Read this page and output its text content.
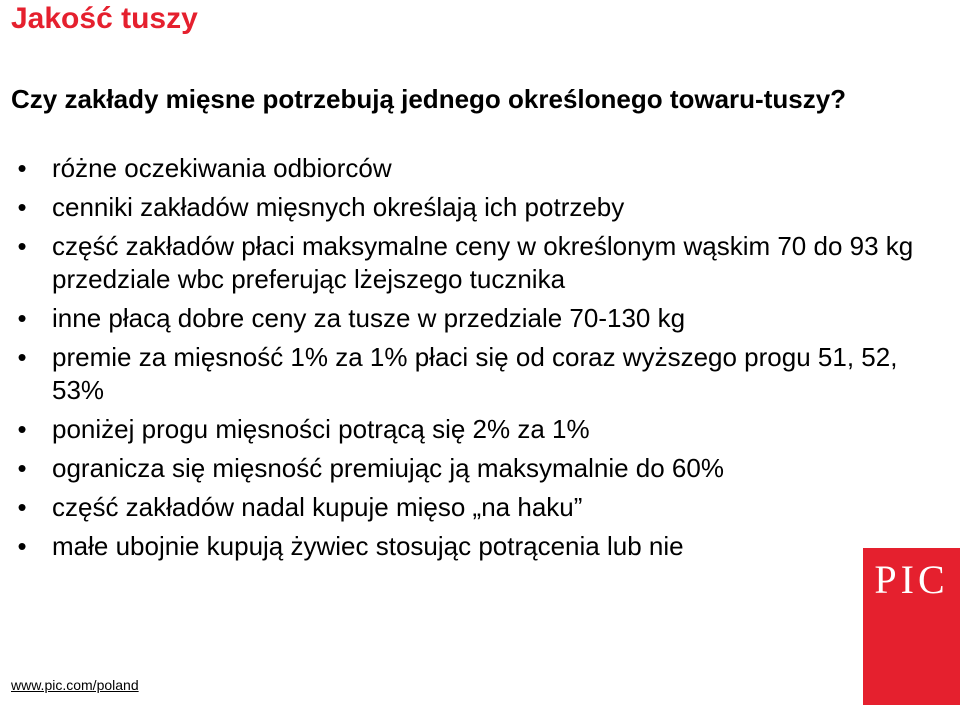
Jakość tuszy
Czy zakłady mięsne potrzebują jednego określonego towaru-tuszy?
• różne oczekiwania odbiorców
• cenniki zakładów mięsnych określają ich potrzeby
• część zakładów płaci maksymalne ceny w określonym wąskim 70 do 93 kg przedziale wbc preferując lżejszego tucznika
• inne płacą dobre ceny za tusze w przedziale 70-130 kg
• premie za mięsność 1% za 1% płaci się od coraz wyższego progu 51, 52, 53%
• poniżej progu mięsności potrącą się 2% za 1%
• ogranicza się mięsność premiując ją maksymalnie do 60%
• część zakładów nadal kupuje mięso „na haku”
• małe ubojnie kupują żywiec stosując potrącenia lub nie
www.pic.com/poland
PIC
